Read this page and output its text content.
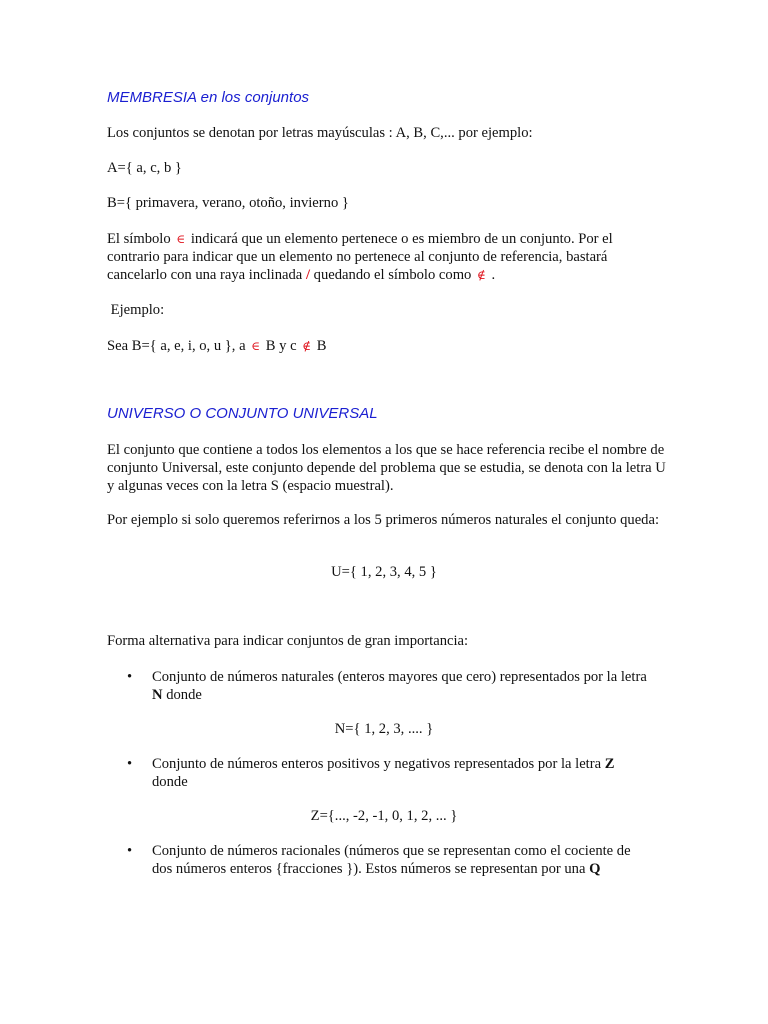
MEMBRESIA en los conjuntos

Los conjuntos se denotan por letras mayúsculas : A, B, C,... por ejemplo:

A={ a, c, b }

B={ primavera, verano, otoño, invierno }

El símbolo ∈ indicará que un elemento pertenece o es miembro de un conjunto. Por el contrario para indicar que un elemento no pertenece al conjunto de referencia, bastará cancelarlo con una raya inclinada / quedando el símbolo como ∉ .

Ejemplo:

Sea B={ a, e, i, o, u }, a ∈ B y c ∉ B

UNIVERSO O CONJUNTO UNIVERSAL

El conjunto que contiene a todos los elementos a los que se hace referencia recibe el nombre de conjunto Universal, este conjunto depende del problema que se estudia, se denota con la letra U y algunas veces con la letra S (espacio muestral).

Por ejemplo si solo queremos referirnos a los 5 primeros números naturales el conjunto queda:

U={ 1, 2, 3, 4, 5 }

Forma alternativa para indicar conjuntos de gran importancia:

• Conjunto de números naturales (enteros mayores que cero) representados por la letra N donde

N={ 1, 2, 3, .... }

• Conjunto de números enteros positivos y negativos representados por la letra Z donde

Z={..., -2, -1, 0, 1, 2, ... }

• Conjunto de números racionales (números que se representan como el cociente de dos números enteros {fracciones }). Estos números se representan por una Q
